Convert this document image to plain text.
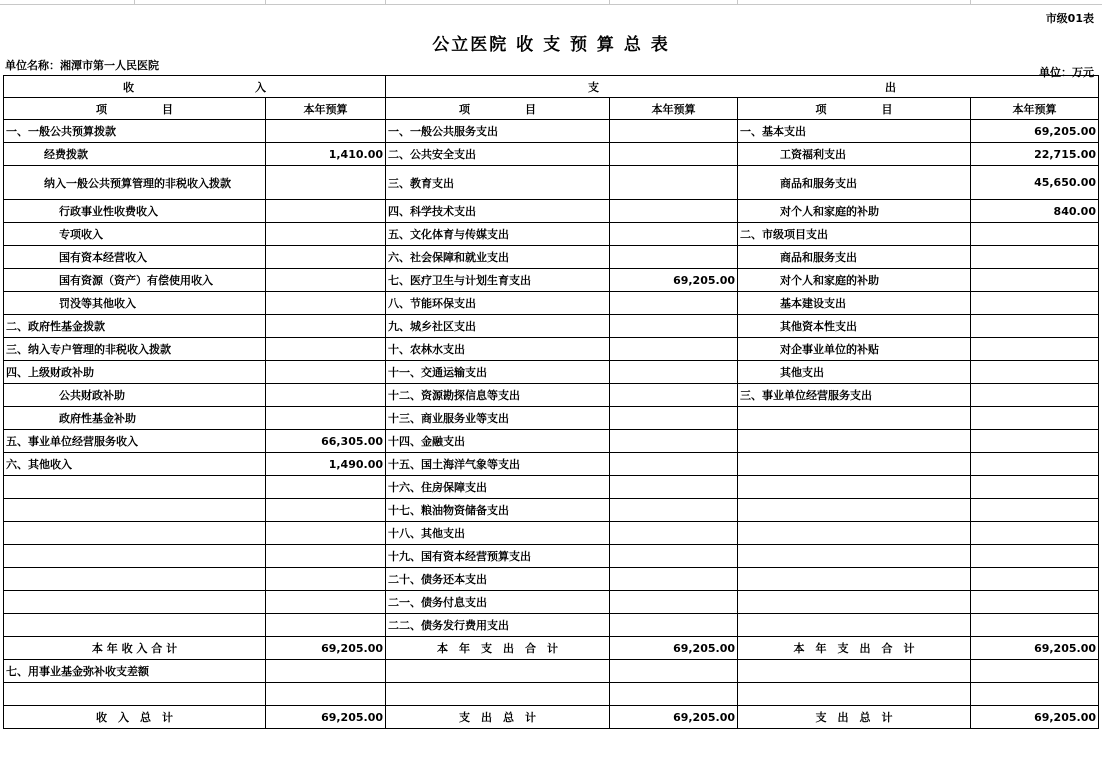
市级01表
公立医院 收 支 预 算 总 表
单位名称：湘潭市第一人民医院
单位：万元
收　　　　　　　　　　　入		支　　　　　　　　　　　　　　　　　　　　　　　　　　出			
项　　　　　目	本年预算	项　　　　　目	本年预算	项　　　　　目	本年预算
一、一般公共预算拨款		一、一般公共服务支出		一、基本支出	69,205.00
经费拨款	1,410.00	二、公共安全支出		工资福利支出	22,715.00
纳入一般公共预算管理的非税收入拨款		三、教育支出		商品和服务支出	45,650.00
行政事业性收费收入		四、科学技术支出		对个人和家庭的补助	840.00
专项收入		五、文化体育与传媒支出		二、市级项目支出	
国有资本经营收入		六、社会保障和就业支出		商品和服务支出	
国有资源（资产）有偿使用收入		七、医疗卫生与计划生育支出	69,205.00	对个人和家庭的补助	
罚没等其他收入		八、节能环保支出		基本建设支出	
二、政府性基金拨款		九、城乡社区支出		其他资本性支出	
三、纳入专户管理的非税收入拨款		十、农林水支出		对企事业单位的补贴	
四、上级财政补助		十一、交通运输支出		其他支出	
公共财政补助		十二、资源勘探信息等支出		三、事业单位经营服务支出	
政府性基金补助		十三、商业服务业等支出			
五、事业单位经营服务收入	66,305.00	十四、金融支出			
六、其他收入	1,490.00	十五、国土海洋气象等支出			
		十六、住房保障支出			
		十七、粮油物资储备支出			
		十八、其他支出			
		十九、国有资本经营预算支出			
		二十、债务还本支出			
		二一、债务付息支出			
		二二、债务发行费用支出			
本 年 收 入 合 计	69,205.00	本　年　支　出　合　计	69,205.00	本　年　支　出　合　计	69,205.00
七、用事业基金弥补收支差额					

收　入　总　计	69,205.00	支　出　总　计	69,205.00	支　出　总　计	69,205.00
